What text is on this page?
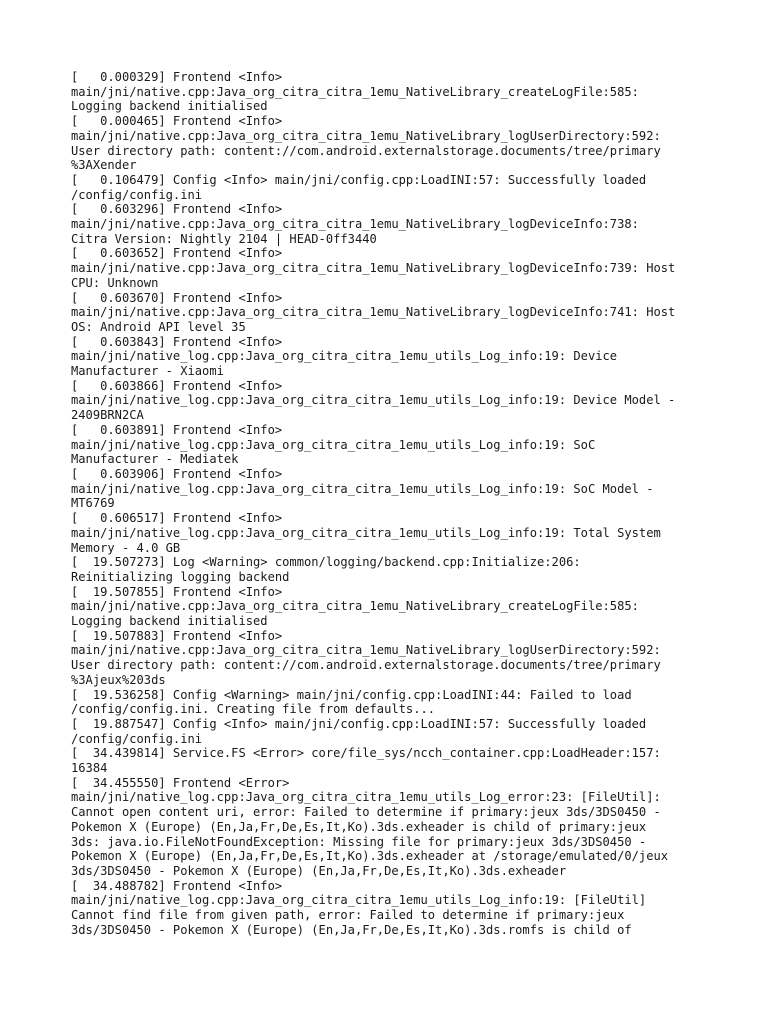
[   0.000329] Frontend <Info>
main/jni/native.cpp:Java_org_citra_citra_1emu_NativeLibrary_createLogFile:585:
Logging backend initialised
[   0.000465] Frontend <Info>
main/jni/native.cpp:Java_org_citra_citra_1emu_NativeLibrary_logUserDirectory:592:
User directory path: content://com.android.externalstorage.documents/tree/primary
%3AXender
[   0.106479] Config <Info> main/jni/config.cpp:LoadINI:57: Successfully loaded
/config/config.ini
[   0.603296] Frontend <Info>
main/jni/native.cpp:Java_org_citra_citra_1emu_NativeLibrary_logDeviceInfo:738:
Citra Version: Nightly 2104 | HEAD-0ff3440
[   0.603652] Frontend <Info>
main/jni/native.cpp:Java_org_citra_citra_1emu_NativeLibrary_logDeviceInfo:739: Host
CPU: Unknown
[   0.603670] Frontend <Info>
main/jni/native.cpp:Java_org_citra_citra_1emu_NativeLibrary_logDeviceInfo:741: Host
OS: Android API level 35
[   0.603843] Frontend <Info>
main/jni/native_log.cpp:Java_org_citra_citra_1emu_utils_Log_info:19: Device
Manufacturer - Xiaomi
[   0.603866] Frontend <Info>
main/jni/native_log.cpp:Java_org_citra_citra_1emu_utils_Log_info:19: Device Model -
2409BRN2CA
[   0.603891] Frontend <Info>
main/jni/native_log.cpp:Java_org_citra_citra_1emu_utils_Log_info:19: SoC
Manufacturer - Mediatek
[   0.603906] Frontend <Info>
main/jni/native_log.cpp:Java_org_citra_citra_1emu_utils_Log_info:19: SoC Model -
MT6769
[   0.606517] Frontend <Info>
main/jni/native_log.cpp:Java_org_citra_citra_1emu_utils_Log_info:19: Total System
Memory - 4.0 GB
[  19.507273] Log <Warning> common/logging/backend.cpp:Initialize:206:
Reinitializing logging backend
[  19.507855] Frontend <Info>
main/jni/native.cpp:Java_org_citra_citra_1emu_NativeLibrary_createLogFile:585:
Logging backend initialised
[  19.507883] Frontend <Info>
main/jni/native.cpp:Java_org_citra_citra_1emu_NativeLibrary_logUserDirectory:592:
User directory path: content://com.android.externalstorage.documents/tree/primary
%3Ajeux%203ds
[  19.536258] Config <Warning> main/jni/config.cpp:LoadINI:44: Failed to load
/config/config.ini. Creating file from defaults...
[  19.887547] Config <Info> main/jni/config.cpp:LoadINI:57: Successfully loaded
/config/config.ini
[  34.439814] Service.FS <Error> core/file_sys/ncch_container.cpp:LoadHeader:157:
16384
[  34.455550] Frontend <Error>
main/jni/native_log.cpp:Java_org_citra_citra_1emu_utils_Log_error:23: [FileUtil]:
Cannot open content uri, error: Failed to determine if primary:jeux 3ds/3DS0450 -
Pokemon X (Europe) (En,Ja,Fr,De,Es,It,Ko).3ds.exheader is child of primary:jeux
3ds: java.io.FileNotFoundException: Missing file for primary:jeux 3ds/3DS0450 -
Pokemon X (Europe) (En,Ja,Fr,De,Es,It,Ko).3ds.exheader at /storage/emulated/0/jeux
3ds/3DS0450 - Pokemon X (Europe) (En,Ja,Fr,De,Es,It,Ko).3ds.exheader
[  34.488782] Frontend <Info>
main/jni/native_log.cpp:Java_org_citra_citra_1emu_utils_Log_info:19: [FileUtil]
Cannot find file from given path, error: Failed to determine if primary:jeux
3ds/3DS0450 - Pokemon X (Europe) (En,Ja,Fr,De,Es,It,Ko).3ds.romfs is child of
